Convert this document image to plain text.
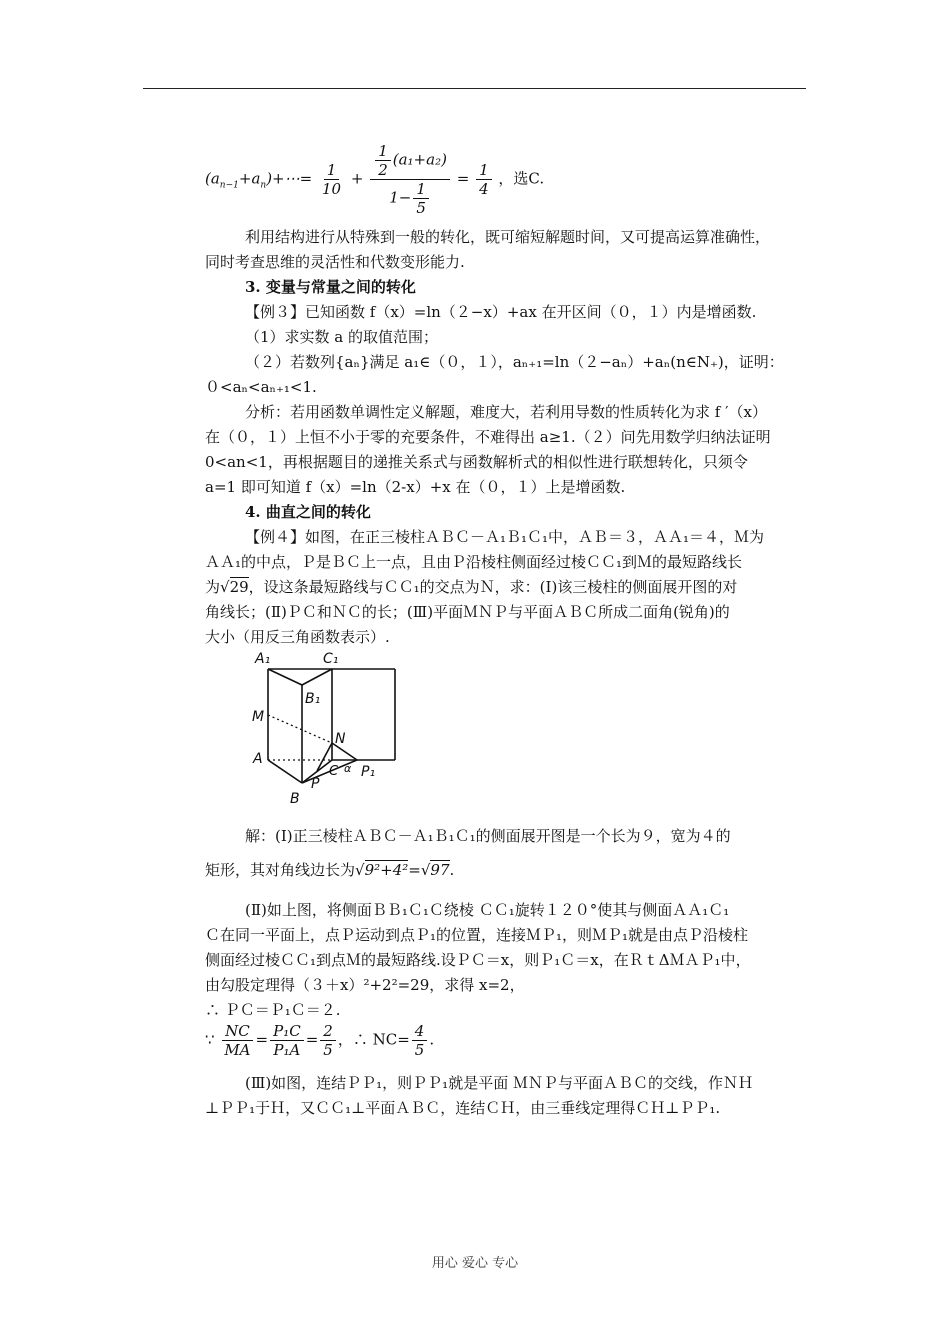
$(a_{n-1}+a_n)+\cdots= \frac{1}{10} + \frac{\frac{1}{2} (a_1+a_2)}{1- \frac{1}{5}} = \frac{1}{4}$ ，选C.
利用结构进行从特殊到一般的转化，既可缩短解题时间，又可提高运算准确性，
同时考查思维的灵活性和代数变形能力.
3. 变量与常量之间的转化
【例３】已知函数 f（x）=ln（２−x）+ax 在开区间（０，１）内是增函数.
（1）求实数 a 的取值范围；
（２）若数列{aₙ}满足 a₁∈（０，１），aₙ₊₁=ln（２−aₙ）+aₙ(n∈N₊)，证明：
０<aₙ<aₙ₊₁<1.
分析：若用函数单调性定义解题，难度大，若利用导数的性质转化为求 f ′（x）
在（０，１）上恒不小于零的充要条件，不难得出 a≥1.（２）问先用数学归纳法证明
0<an<1，再根据题目的递推关系式与函数解析式的相似性进行联想转化，只须令
a=1 即可知道 f（x）=ln（2-x）+x 在（０，１）上是增函数.
4. 曲直之间的转化
【例４】如图，在正三棱柱ＡＢＣ－Ａ₁Ｂ₁Ｃ₁中，ＡＢ＝３，ＡＡ₁＝４，Ｍ为
ＡＡ₁的中点，Ｐ是ＢＣ上一点，且由Ｐ沿棱柱侧面经过棱ＣＣ₁到Ｍ的最短路线长
为√29，设这条最短路线与ＣＣ₁的交点为Ｎ，求：(Ⅰ)该三棱柱的侧面展开图的对
角线长；(Ⅱ)ＰＣ和ＮＣ的长；(Ⅲ)平面ＭＮＰ与平面ＡＢＣ所成二面角(锐角)的
大小（用反三角函数表示）.
A₁	C₁
B₁
M
N
A
C α P₁
P
B
解：(Ⅰ)正三棱柱ＡＢＣ－Ａ₁Ｂ₁Ｃ₁的侧面展开图是一个长为９，宽为４的
矩形，其对角线边长为√9²+4²=√97.
(Ⅱ)如上图，将侧面ＢＢ₁Ｃ₁Ｃ绕棱 ＣＣ₁旋转１２０°使其与侧面ＡＡ₁Ｃ₁
Ｃ在同一平面上，点Ｐ运动到点Ｐ₁的位置，连接ＭＰ₁，则ＭＰ₁就是由点Ｐ沿棱柱
侧面经过棱ＣＣ₁到点Ｍ的最短路线.设ＰＣ＝x，则Ｐ₁Ｃ＝x，在ＲｔΔＭＡＰ₁中，
由勾股定理得（３＋x）²+2²=29，求得 x=2，
∴ ＰＣ＝Ｐ₁Ｃ＝２.
∵ $\frac{NC}{MA} = \frac{\text{P₁C}}{\text{P₁A}} = \frac{2}{5}$ ，∴ $NC= \frac{4}{5}$ .
(Ⅲ)如图，连结ＰＰ₁，则ＰＰ₁就是平面 ＭＮＰ与平面ＡＢＣ的交线，作ＮＨ
⊥ＰＰ₁于Ｈ，又ＣＣ₁⊥平面ＡＢＣ，连结ＣＨ，由三垂线定理得ＣＨ⊥ＰＰ₁.
用心 爱心 专心
